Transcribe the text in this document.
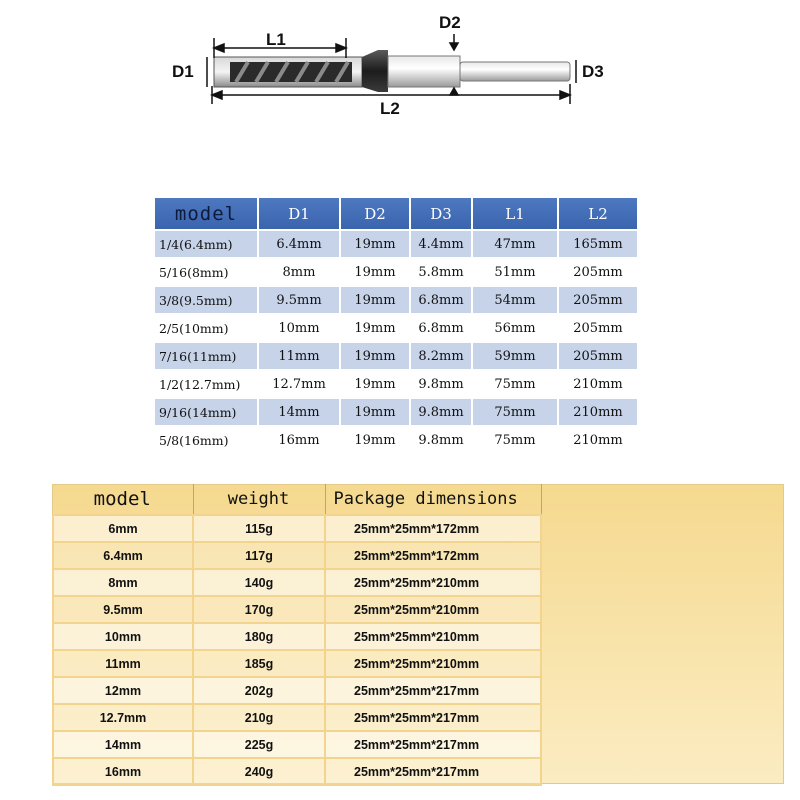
L1
L2
D1
D2
D3
model	D1	D2	D3	L1	L2
1/4(6.4mm)	6.4mm	19mm	4.4mm	47mm	165mm
5/16(8mm)	8mm	19mm	5.8mm	51mm	205mm
3/8(9.5mm)	9.5mm	19mm	6.8mm	54mm	205mm
2/5(10mm)	10mm	19mm	6.8mm	56mm	205mm
7/16(11mm)	11mm	19mm	8.2mm	59mm	205mm
1/2(12.7mm)	12.7mm	19mm	9.8mm	75mm	210mm
9/16(14mm)	14mm	19mm	9.8mm	75mm	210mm
5/8(16mm)	16mm	19mm	9.8mm	75mm	210mm
model	weight	Package dimensions
6mm	115g	25mm*25mm*172mm
6.4mm	117g	25mm*25mm*172mm
8mm	140g	25mm*25mm*210mm
9.5mm	170g	25mm*25mm*210mm
10mm	180g	25mm*25mm*210mm
11mm	185g	25mm*25mm*210mm
12mm	202g	25mm*25mm*217mm
12.7mm	210g	25mm*25mm*217mm
14mm	225g	25mm*25mm*217mm
16mm	240g	25mm*25mm*217mm
